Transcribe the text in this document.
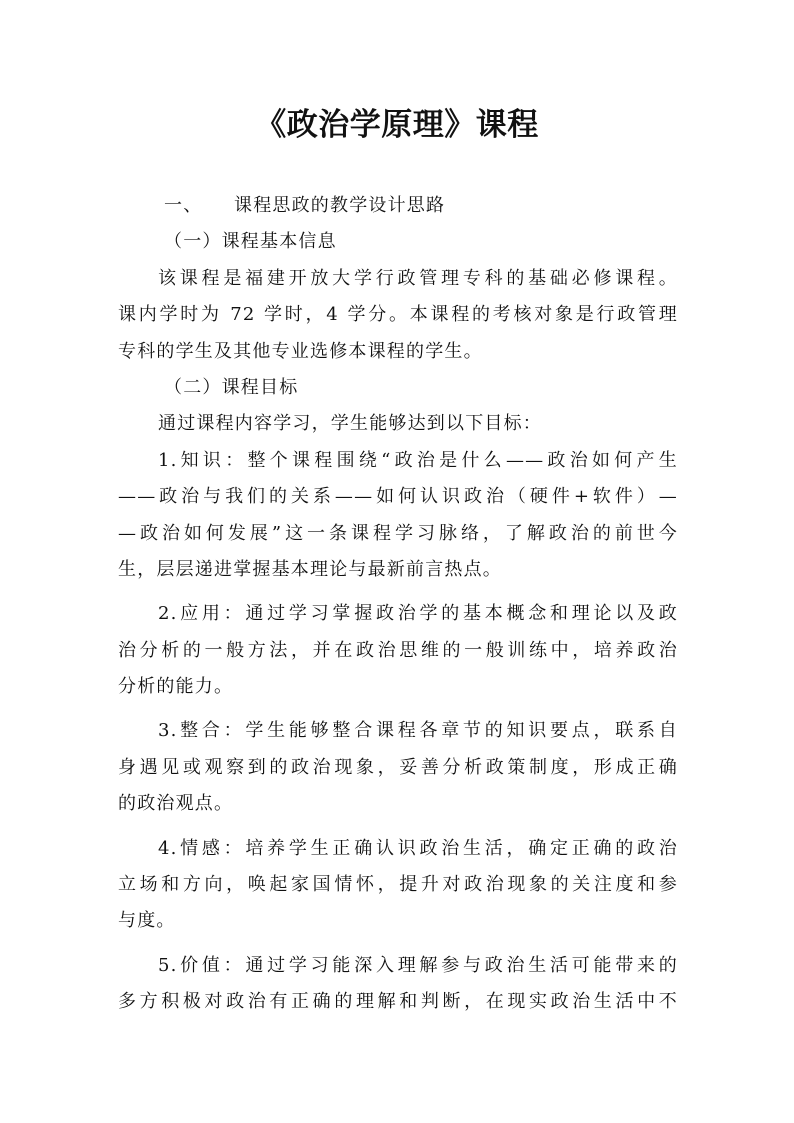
《政治学原理》课程
一、 课程思政的教学设计思路
（一）课程基本信息
该课程是福建开放大学行政管理专科的基础必修课程。
课内学时为 72 学时，4 学分。本课程的考核对象是行政管理
专科的学生及其他专业选修本课程的学生。
（二）课程目标
通过课程内容学习，学生能够达到以下目标：
1.知识：整个课程围绕“政治是什么——政治如何产生
——政治与我们的关系——如何认识政治（硬件+软件）—
—政治如何发展”这一条课程学习脉络，了解政治的前世今
生，层层递进掌握基本理论与最新前言热点。
2.应用：通过学习掌握政治学的基本概念和理论以及政
治分析的一般方法，并在政治思维的一般训练中，培养政治
分析的能力。
3.整合：学生能够整合课程各章节的知识要点，联系自
身遇见或观察到的政治现象，妥善分析政策制度，形成正确
的政治观点。
4.情感：培养学生正确认识政治生活，确定正确的政治
立场和方向，唤起家国情怀，提升对政治现象的关注度和参
与度。
5.价值：通过学习能深入理解参与政治生活可能带来的
多方积极对政治有正确的理解和判断，在现实政治生活中不
